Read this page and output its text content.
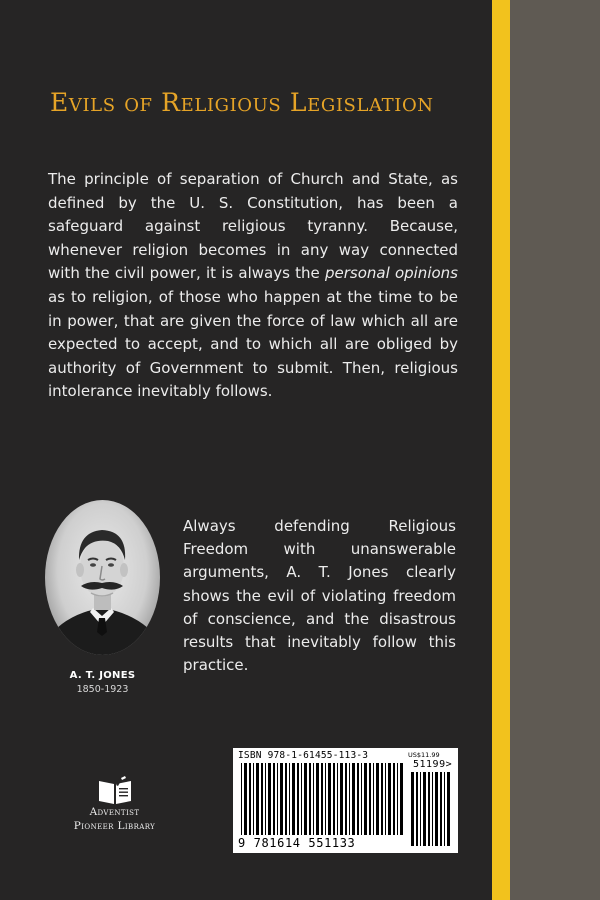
Evils of Religious Legislation
The principle of separation of Church and State, as defined by the U. S. Constitution, has been a safeguard against religious tyranny. Because, whenever religion becomes in any way connected with the civil power, it is always the personal opinions as to religion, of those who happen at the time to be in power, that are given the force of law which all are expected to accept, and to which all are obliged by authority of Government to submit. Then, religious intolerance inevitably follows.
A. T. JONES
1850-1923
Always defending Religious Freedom with unanswerable arguments, A. T. Jones clearly shows the evil of violating freedom of conscience, and the disastrous results that inevitably follow this practice.
Adventist
Pioneer Library
ISBN 978-1-61455-113-3	US$11.99
51199>
9 781614 551133
